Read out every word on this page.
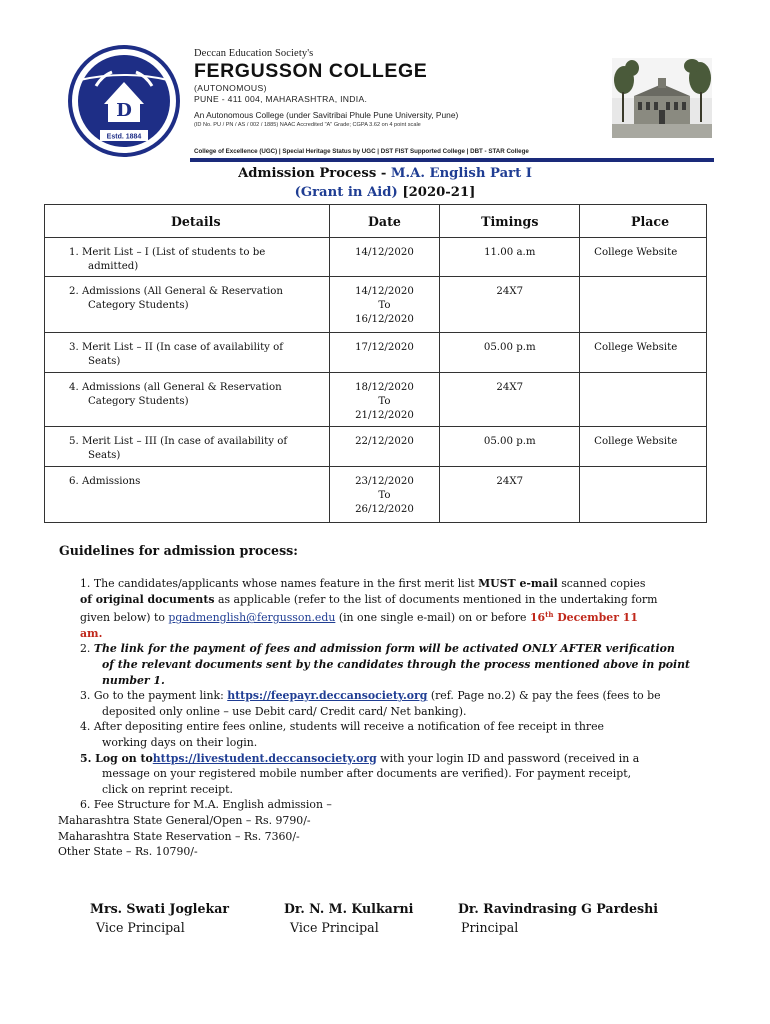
D
Estd. 1884
Deccan Education Society's
FERGUSSON COLLEGE
(AUTONOMOUS)
PUNE - 411 004, MAHARASHTRA, INDIA.
An Autonomous College (under Savitribai Phule Pune University, Pune)
(ID No. PU / PN / AS / 002 / 1885) NAAC Accredited "A" Grade; CGPA 3.62 on 4 point scale
College of Excellence (UGC) | Special Heritage Status by UGC | DST FIST Supported College | DBT - STAR College
Admission Process - M.A. English Part I
(Grant in Aid) [2020-21]
Details	Date	Timings	Place

1. Merit List – I (List of students to be
admitted)	14/12/2020	11.00 a.m	College Website

2. Admissions (All General & Reservation
Category Students)	14/12/2020
To
16/12/2020	24X7	

3. Merit List – II (In case of availability of
Seats)	17/12/2020	05.00 p.m	College Website

4. Admissions (all General & Reservation
Category Students)	18/12/2020
To
21/12/2020	24X7	

5. Merit List – III (In case of availability of
Seats)	22/12/2020	05.00 p.m	College Website

6. Admissions	23/12/2020
To
26/12/2020	24X7	
Guidelines for admission process:
1. The candidates/applicants whose names feature in the first merit list MUST e-mail scanned copies
of original documents as applicable (refer to the list of documents mentioned in the undertaking form
given below) to pgadmenglish@fergusson.edu (in one single e-mail) on or before 16th December 11
am.
2. The link for the payment of fees and admission form will be activated ONLY AFTER verification
of the relevant documents sent by the candidates through the process mentioned above in point
number 1.
3. Go to the payment link: https://feepayr.deccansociety.org (ref. Page no.2) & pay the fees (fees to be
deposited only online – use Debit card/ Credit card/ Net banking).
4. After depositing entire fees online, students will receive a notification of fee receipt in three
working days on their login.
5. Log on tohttps://livestudent.deccansociety.org with your login ID and password (received in a
message on your registered mobile number after documents are verified). For payment receipt,
click on reprint receipt.
6. Fee Structure for M.A. English admission –
Maharashtra State General/Open – Rs. 9790/-
Maharashtra State Reservation – Rs. 7360/-
Other State – Rs. 10790/-
Mrs. Swati Joglekar
Vice Principal
Dr. N. M. Kulkarni
Vice Principal
Dr. Ravindrasing G Pardeshi
Principal
